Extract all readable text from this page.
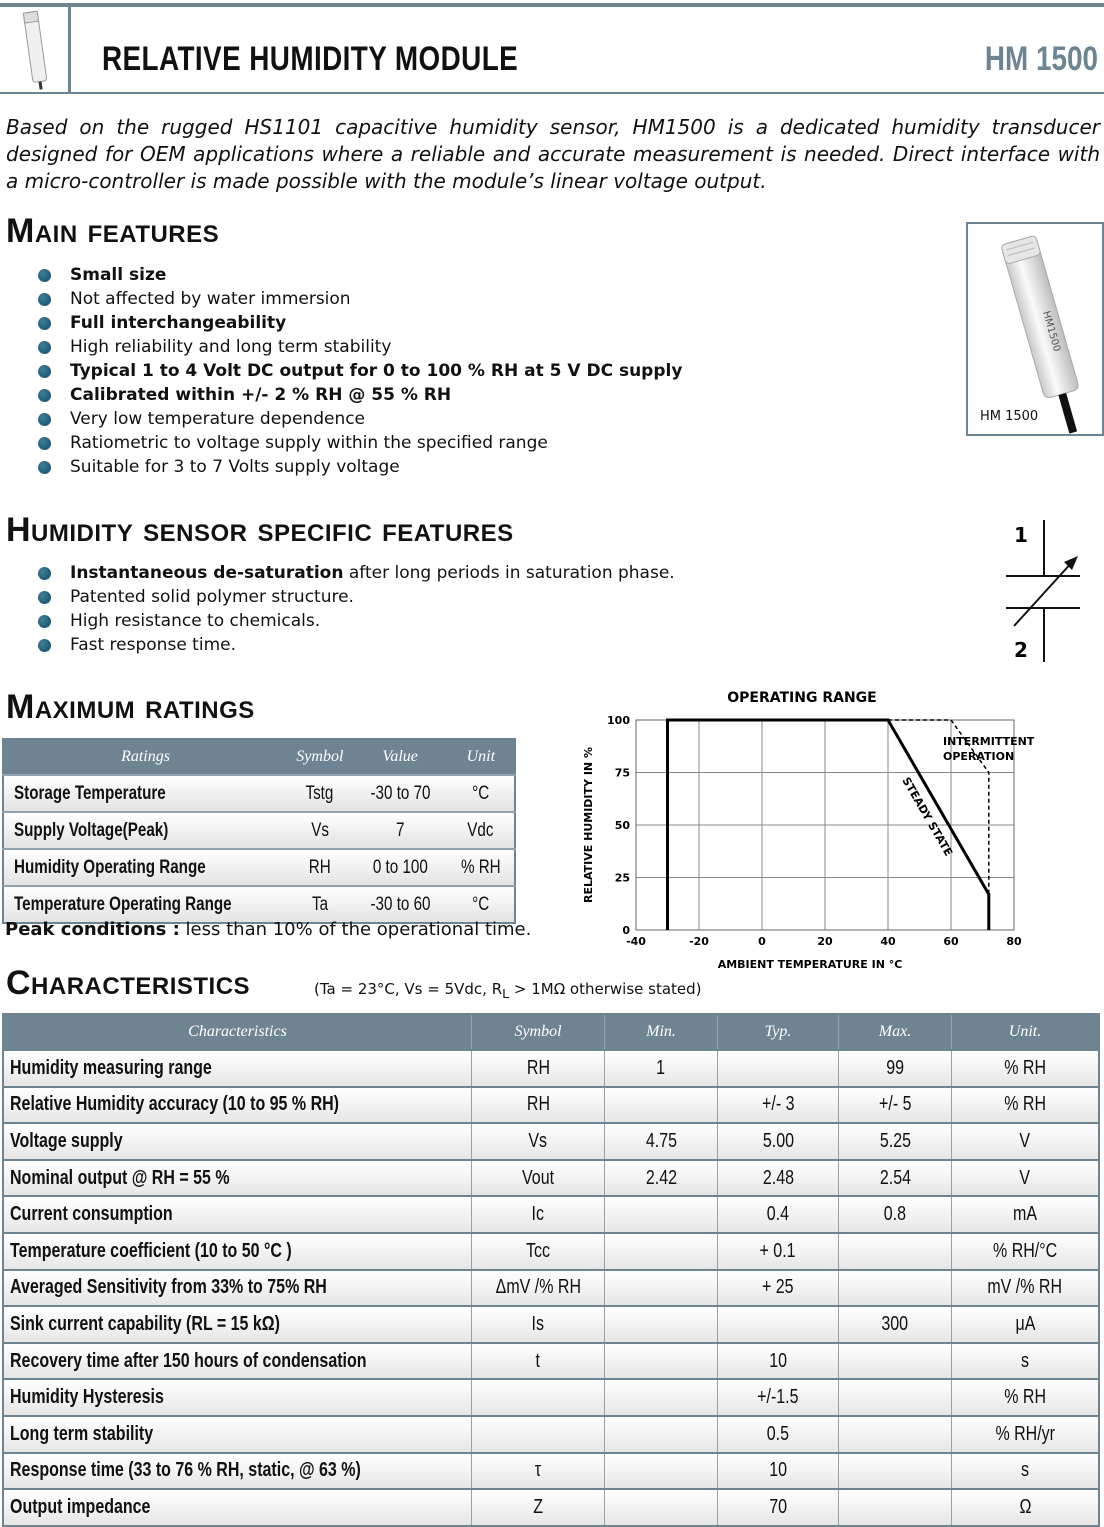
RELATIVE HUMIDITY MODULE	HM 1500
Based on the rugged HS1101 capacitive humidity sensor, HM1500 is a dedicated humidity transducer designed for OEM applications where a reliable and accurate measurement is needed. Direct interface with a micro-controller is made possible with the module’s linear voltage output.
Main features
Small size
Not affected by water immersion
Full interchangeability
High reliability and long term stability
Typical 1 to 4 Volt DC output for 0 to 100 % RH at 5 V DC supply
Calibrated within +/- 2 % RH @ 55 % RH
Very low temperature dependence
Ratiometric to voltage supply within the specified range
Suitable for 3 to 7 Volts supply voltage
HM1500
HM 1500
Humidity sensor specific features
Instantaneous de-saturation after long periods in saturation phase.
Patented solid polymer structure.
High resistance to chemicals.
Fast response time.
1
2
Maximum ratings
Ratings	Symbol	Value	Unit
Storage Temperature	Tstg	-30 to 70	°C
Supply Voltage(Peak)	Vs	7	Vdc
Humidity Operating Range	RH	0 to 100	% RH
Temperature Operating Range	Ta	-30 to 60	°C
Peak conditions : less than 10% of the operational time.
-40	-20	0	20	40	60	80
0
25
50
75
100
OPERATING RANGE
AMBIENT TEMPERATURE IN °C
RELATIVE HUMIDITY IN %
INTERMITTENT
OPERATION
STEADY STATE
Characteristics	(Ta = 23°C, Vs = 5Vdc, $R_L > 1M\Omega$ otherwise stated)
Characteristics	Symbol	Min.	Typ.	Max.	Unit.
Humidity measuring range	RH	1		99	% RH
Relative Humidity accuracy (10 to 95 % RH)	RH		+/- 3	+/- 5	% RH
Voltage supply	Vs	4.75	5.00	5.25	V
Nominal output @ RH = 55 %	Vout	2.42	2.48	2.54	V
Current consumption	Ic		0.4	0.8	mA
Temperature coefficient (10 to 50 °C )	Tcc		+ 0.1		% RH/°C
Averaged Sensitivity from 33% to 75% RH	ΔmV /% RH		+ 25		mV /% RH
Sink current capability (RL = 15 kΩ)	Is			300	μA
Recovery time after 150 hours of condensation	t		10		s
Humidity Hysteresis			+/-1.5		% RH
Long term stability			0.5		% RH/yr
Response time (33 to 76 % RH, static, @ 63 %)	τ		10		s
Output impedance	Z		70		Ω
